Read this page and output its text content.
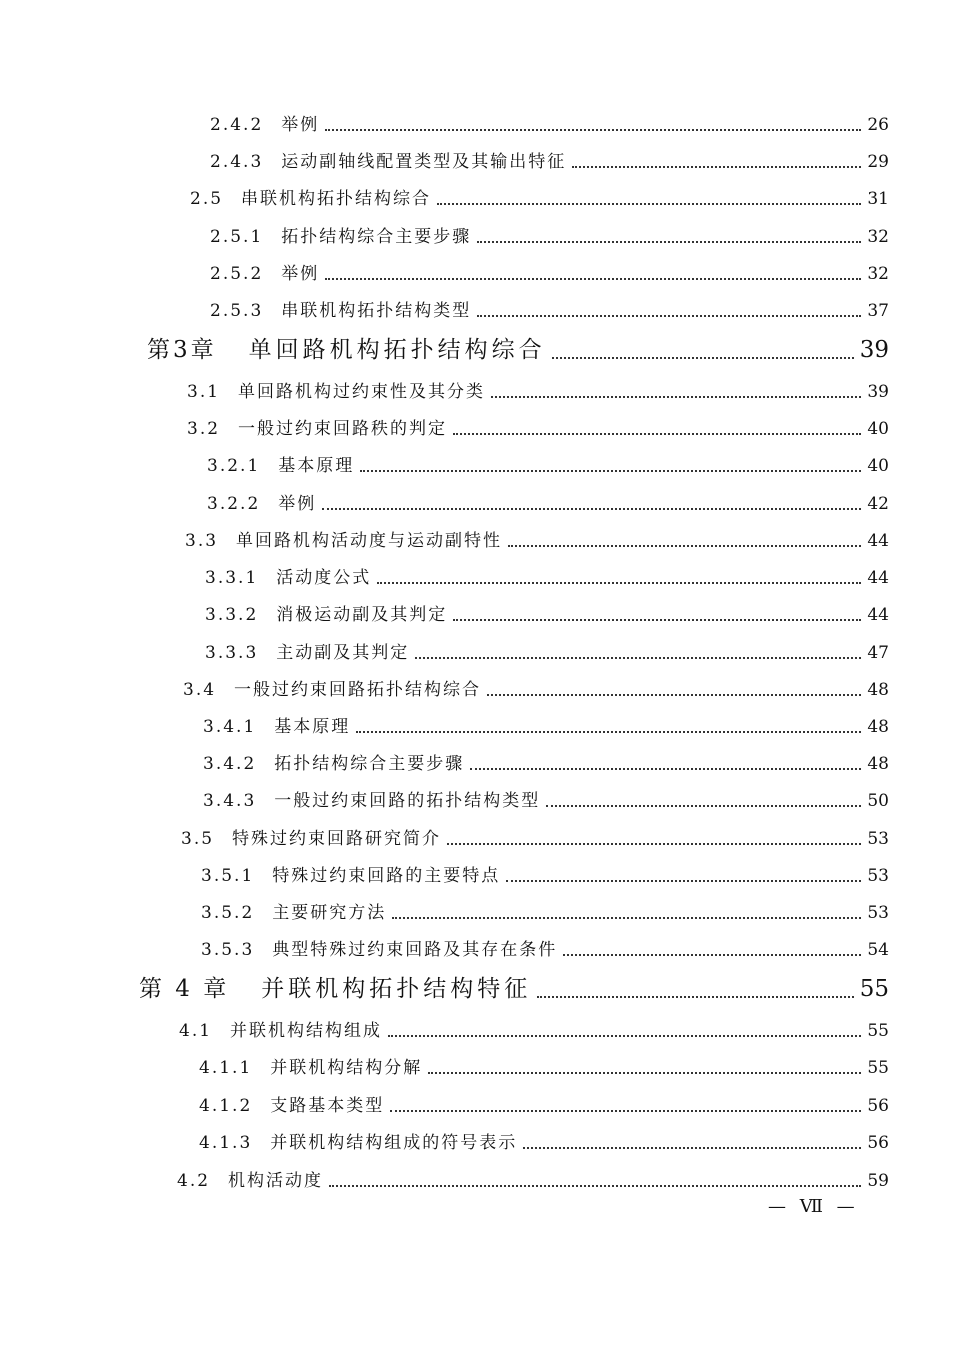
2.4.2 举例	26
2.4.3 运动副轴线配置类型及其输出特征	29
2.5 串联机构拓扑结构综合	31
2.5.1 拓扑结构综合主要步骤	32
2.5.2 举例	32
2.5.3 串联机构拓扑结构类型	37
第3章 单回路机构拓扑结构综合	39
3.1 单回路机构过约束性及其分类	39
3.2 一般过约束回路秩的判定	40
3.2.1 基本原理	40
3.2.2 举例	42
3.3 单回路机构活动度与运动副特性	44
3.3.1 活动度公式	44
3.3.2 消极运动副及其判定	44
3.3.3 主动副及其判定	47
3.4 一般过约束回路拓扑结构综合	48
3.4.1 基本原理	48
3.4.2 拓扑结构综合主要步骤	48
3.4.3 一般过约束回路的拓扑结构类型	50
3.5 特殊过约束回路研究简介	53
3.5.1 特殊过约束回路的主要特点	53
3.5.2 主要研究方法	53
3.5.3 典型特殊过约束回路及其存在条件	54
第 4 章 并联机构拓扑结构特征	55
4.1 并联机构结构组成	55
4.1.1 并联机构结构分解	55
4.1.2 支路基本类型	56
4.1.3 并联机构结构组成的符号表示	56
4.2 机构活动度	59
— Ⅶ —
